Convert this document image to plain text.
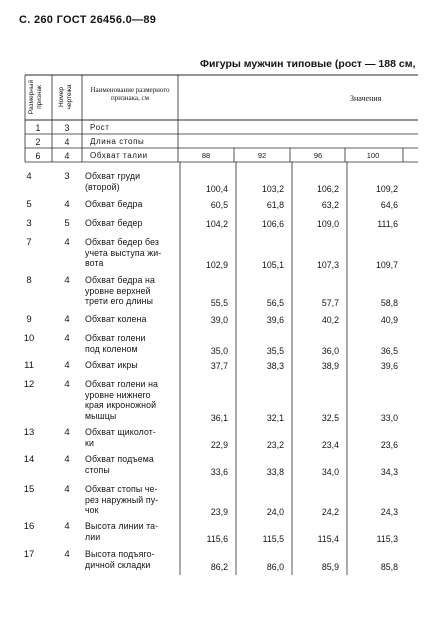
С. 260 ГОСТ 26456.0—89
Фигуры мужчин типовые (рост — 188 см,
Размерный признак Номер чертежа	Наименование размерного признака, см	Значения
1	3	Рост
2	4	Длина стопы
6	4	Обхват талии	88	92	96	100
4	3	Обхват груди
(второй)	100,4	103,2	106,2	109,2
5	4	Обхват бедра	60,5	61,8	63,2	64,6
3	5	Обхват бедер	104,2	106,6	109,0	111,6
7	4	Обхват бедер без
учета выступа жи-
вота	102,9	105,1	107,3	109,7
8	4	Обхват бедра на
уровне верхней
трети его длины	55,5	56,5	57,7	58,8
9	4	Обхват колена	39,0	39,6	40,2	40,9
10	4	Обхват голени
под коленом	35,0	35,5	36,0	36,5
11	4	Обхват икры	37,7	38,3	38,9	39,6
12	4	Обхват голени на
уровне нижнего
края икроножной
мышцы	36,1	32,1	32,5	33,0
13	4	Обхват щиколот-
ки	22,9	23,2	23,4	23,6
14	4	Обхват подъема
стопы	33,6	33,8	34,0	34,3
15	4	Обхват стопы че-
рез наружный пу-
чок	23,9	24,0	24,2	24,3
16	4	Высота линии та-
лии	115,6	115,5	115,4	115,3
17	4	Высота подъяго-
дичной складки	86,2	86,0	85,9	85,8
